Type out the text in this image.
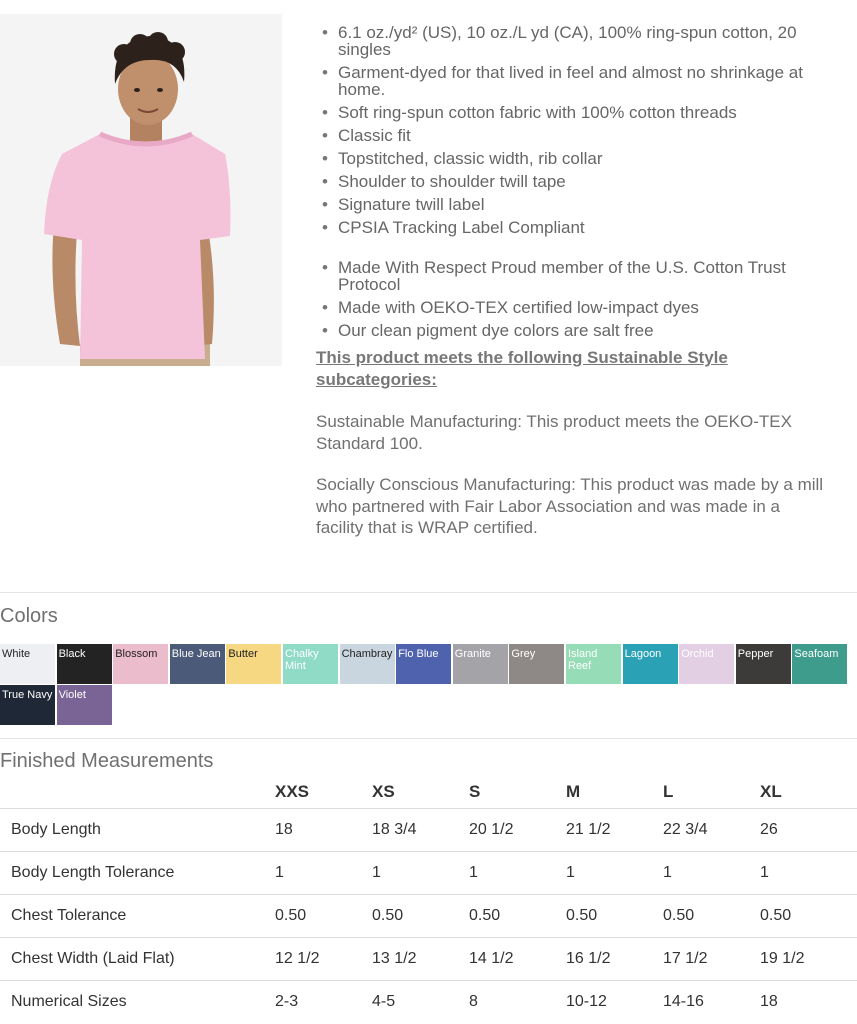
• 6.1 oz./yd² (US), 10 oz./L yd (CA), 100% ring-spun cotton, 20 singles
• Garment-dyed for that lived in feel and almost no shrinkage at home.
• Soft ring-spun cotton fabric with 100% cotton threads
• Classic fit
• Topstitched, classic width, rib collar
• Shoulder to shoulder twill tape
• Signature twill label
• CPSIA Tracking Label Compliant
• Made With Respect Proud member of the U.S. Cotton Trust Protocol
• Made with OEKO-TEX certified low-impact dyes
• Our clean pigment dye colors are salt free
This product meets the following Sustainable Style subcategories:
Sustainable Manufacturing: This product meets the OEKO-TEX Standard 100.
Socially Conscious Manufacturing: This product was made by a mill who partnered with Fair Labor Association and was made in a facility that is WRAP certified.
Colors
White	Black	Blossom	Blue Jean Butter	Chalky Mint
Chambray Flo Blue	Granite	Grey	Island Reef
Lagoon	Orchid	Pepper	Seafoam
True Navy Violet
Finished Measurements
	XXS	XS	S	M	L	XL
Body Length	18	18 3/4	20 1/2	21 1/2	22 3/4	26
Body Length Tolerance	1	1	1	1	1	1
Chest Tolerance	0.50	0.50	0.50	0.50	0.50	0.50
Chest Width (Laid Flat)	12 1/2	13 1/2	14 1/2	16 1/2	17 1/2	19 1/2
Numerical Sizes	2-3	4-5	8	10-12	14-16	18
